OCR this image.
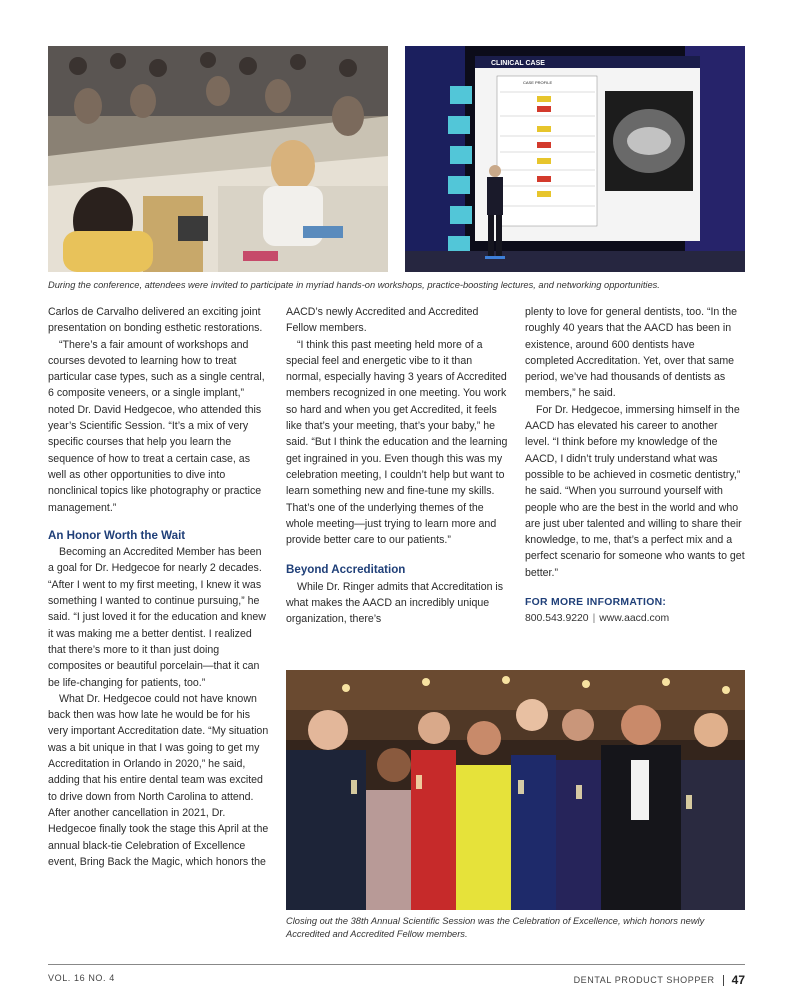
CLINICAL CASE
CASE PROFILE

During the conference, attendees were invited to participate in myriad hands-on workshops, practice-boosting lectures, and networking opportunities.

Carlos de Carvalho delivered an exciting joint presentation on bonding esthetic restorations.

“There’s a fair amount of workshops and courses devoted to learning how to treat particular case types, such as a single central, 6 composite veneers, or a single implant,” noted Dr. David Hedgecoe, who attended this year’s Scientific Session. “It’s a mix of very specific courses that help you learn the sequence of how to treat a certain case, as well as other opportunities to dive into nonclinical topics like photography or practice management.”

An Honor Worth the Wait

Becoming an Accredited Member has been a goal for Dr. Hedgecoe for nearly 2 decades. “After I went to my first meeting, I knew it was something I wanted to continue pursuing,” he said. “I just loved it for the education and knew it was making me a better dentist. I realized that there’s more to it than just doing composites or beautiful porcelain—that it can be life-changing for patients, too.”

What Dr. Hedgecoe could not have known back then was how late he would be for his very important Accreditation date. “My situation was a bit unique in that I was going to get my Accreditation in Orlando in 2020,” he said, adding that his entire dental team was excited to drive down from North Carolina to attend. After another cancellation in 2021, Dr. Hedgecoe finally took the stage this April at the annual black-tie Celebration of Excellence event, Bring Back the Magic, which honors the

AACD’s newly Accredited and Accredited Fellow members.

“I think this past meeting held more of a special feel and energetic vibe to it than normal, especially having 3 years of Accredited members recognized in one meeting. You work so hard and when you get Accredited, it feels like that’s your meeting, that’s your baby,” he said. “But I think the education and the learning get ingrained in you. Even though this was my celebration meeting, I couldn’t help but want to learn something new and fine-tune my skills. That’s one of the underlying themes of the whole meeting—just trying to learn more and provide better care to our patients.”

Beyond Accreditation

While Dr. Ringer admits that Accreditation is what makes the AACD an incredibly unique organization, there’s

plenty to love for general dentists, too. “In the roughly 40 years that the AACD has been in existence, around 600 dentists have completed Accreditation. Yet, over that same period, we’ve had thousands of dentists as members,” he said.

For Dr. Hedgecoe, immersing himself in the AACD has elevated his career to another level. “I think before my knowledge of the AACD, I didn’t truly understand what was possible to be achieved in cosmetic dentistry,” he said. “When you surround yourself with people who are the best in the world and who are just uber talented and willing to share their knowledge, to me, that’s a perfect mix and a perfect scenario for someone who wants to get better.”

FOR MORE INFORMATION:
800.543.9220 | www.aacd.com

Closing out the 38th Annual Scientific Session was the Celebration of Excellence, which honors newly Accredited and Accredited Fellow members.

VOL. 16 NO. 4	DENTAL PRODUCT SHOPPER 47
